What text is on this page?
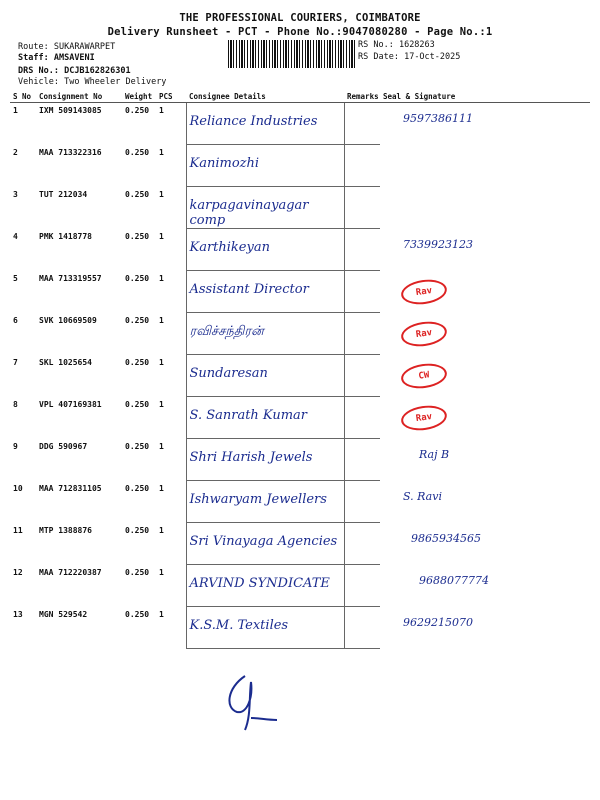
THE PROFESSIONAL COURIERS, COIMBATORE
Delivery Runsheet - PCT - Phone No.:9047080280 - Page No.:1
Route: SUKARAWARPET
Staff: AMSAVENI
DRS No.: DCJB162826301
Vehicle: Two Wheeler Delivery
RS No.: 1628263
RS Date: 17-Oct-2025
S No	Consignment No	Weight	PCS	Consignee Details	Remarks	Seal & Signature
1	IXM 509143085	0.250	1	Reliance Industries		9597386111

2	MAA 713322316	0.250	1	Kanimozhi		

3	TUT 212034	0.250	1	karpagavinayagar comp		

4	PMK 1418778	0.250	1	Karthikeyan		7339923123

5	MAA 713319557	0.250	1	Assistant Director		Rav
6	SVK 10669509	0.250	1	ரவிச்சந்திரன்		Rav
7	SKL 1025654	0.250	1	Sundaresan		CW
8	VPL 407169381	0.250	1	S. Sanrath Kumar		Rav
9	DDG 590967	0.250	1	Shri Harish Jewels		Raj B

10	MAA 712831105	0.250	1	Ishwaryam Jewellers		S. Ravi

11	MTP 1388876	0.250	1	Sri Vinayaga Agencies		9865934565

12	MAA 712220387	0.250	1	ARVIND SYNDICATE		9688077774

13	MGN 529542	0.250	1	K.S.M. Textiles		9629215070
